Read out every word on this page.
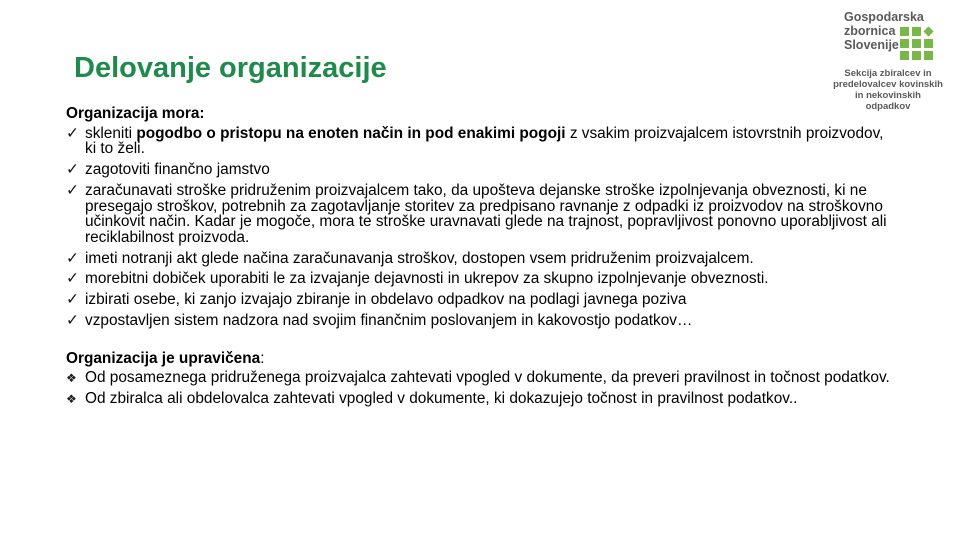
Delovanje organizacije
Gospodarska
zbornica
Slovenije
Sekcija zbiralcev in
predelovalcev kovinskih
in nekovinskih odpadkov
Organizacija mora:
✓ skleniti pogodbo o pristopu na enoten način in pod enakimi pogoji z vsakim proizvajalcem istovrstnih proizvodov, ki to želi.
✓ zagotoviti finančno jamstvo
✓ zaračunavati stroške pridruženim proizvajalcem tako, da upošteva dejanske stroške izpolnjevanja obveznosti, ki ne presegajo stroškov, potrebnih za zagotavljanje storitev za predpisano ravnanje z odpadki iz proizvodov na stroškovno učinkovit način. Kadar je mogoče, mora te stroške uravnavati glede na trajnost, popravljivost ponovno uporabljivost ali reciklabilnost proizvoda.
✓ imeti notranji akt glede načina zaračunavanja stroškov, dostopen vsem pridruženim proizvajalcem.
✓ morebitni dobiček uporabiti le za izvajanje dejavnosti in ukrepov za skupno izpolnjevanje obveznosti.
✓ izbirati osebe, ki zanjo izvajajo zbiranje in obdelavo odpadkov na podlagi javnega poziva
✓ vzpostavljen sistem nadzora nad svojim finančnim poslovanjem in kakovostjo podatkov…
Organizacija je upravičena:
❖ Od posameznega pridruženega proizvajalca zahtevati vpogled v dokumente, da preveri pravilnost in točnost podatkov.
❖ Od zbiralca ali obdelovalca zahtevati vpogled v dokumente, ki dokazujejo točnost in pravilnost podatkov..
